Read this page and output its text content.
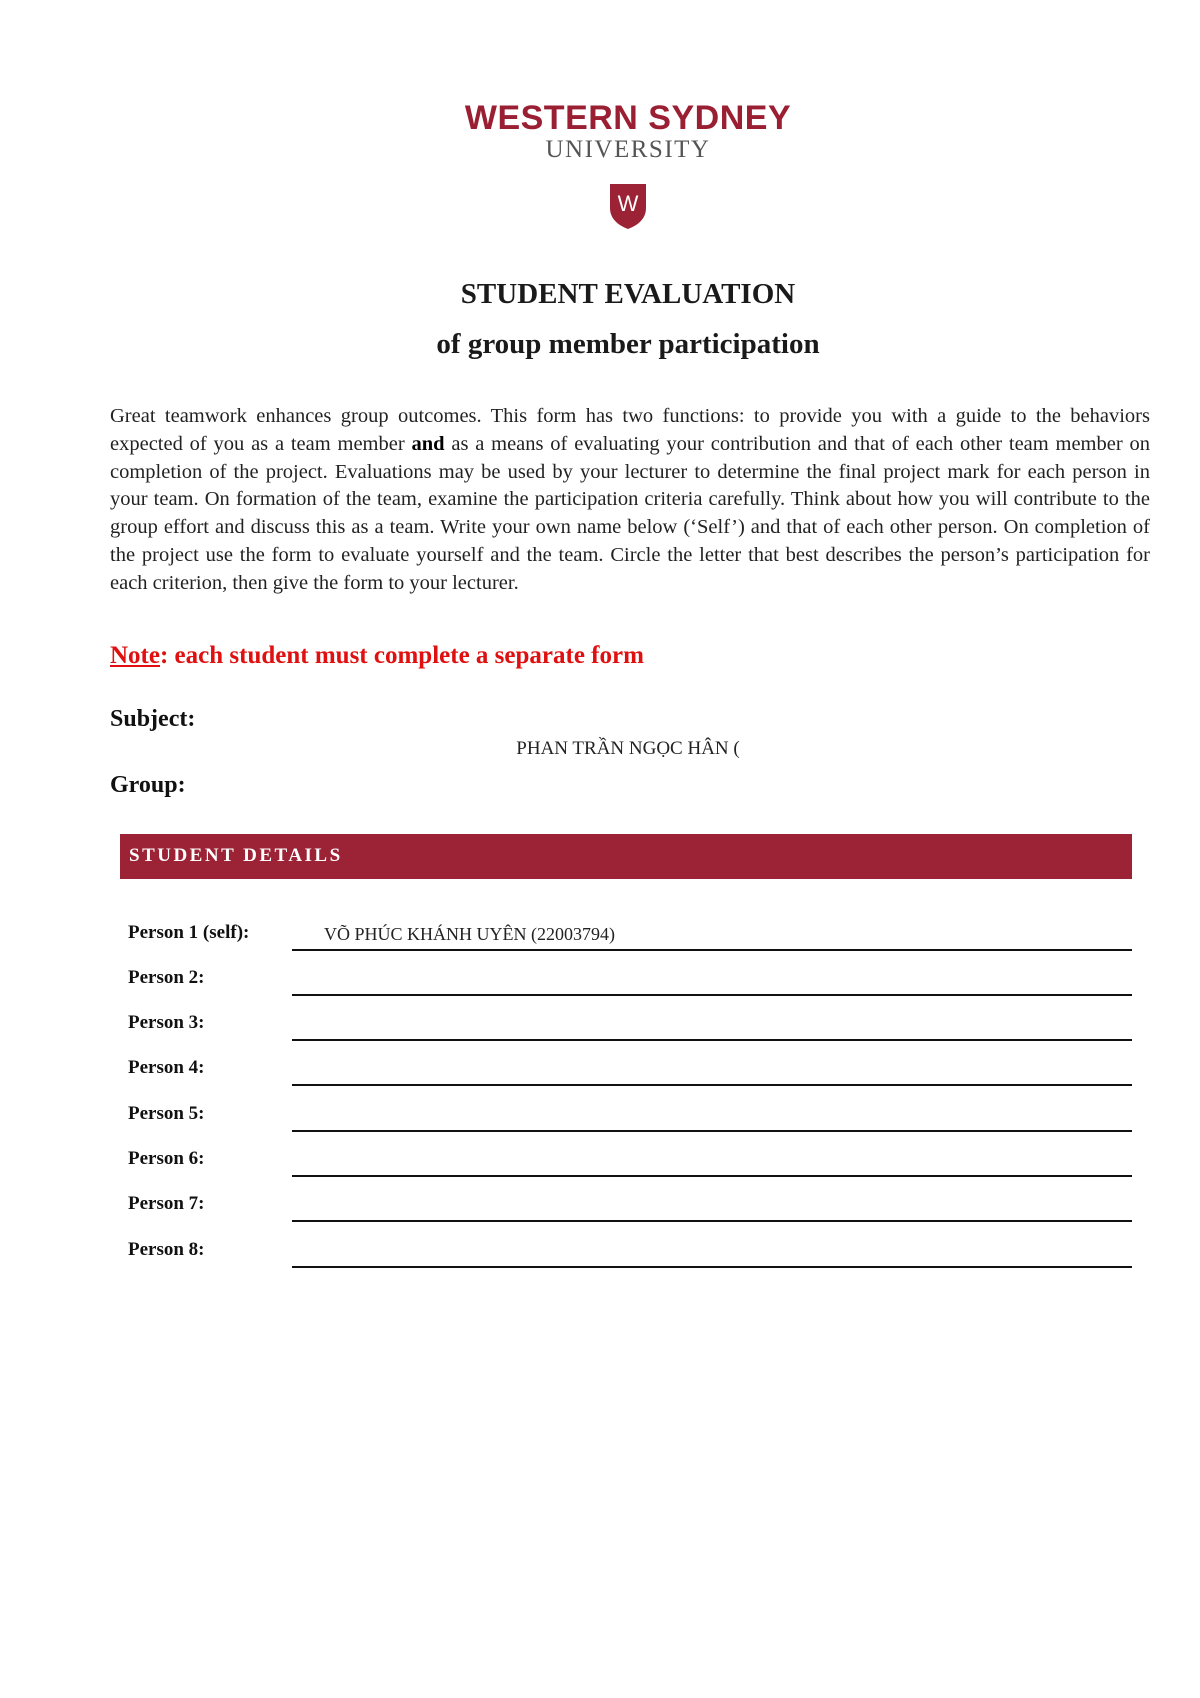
WESTERN SYDNEY
UNIVERSITY
W
STUDENT EVALUATION
of group member participation
Great teamwork enhances group outcomes. This form has two functions: to provide you with a guide to the behaviors expected of you as a team member and as a means of evaluating your contribution and that of each other team member on completion of the project. Evaluations may be used by your lecturer to determine the final project mark for each person in your team. On formation of the team, examine the participation criteria carefully. Think about how you will contribute to the group effort and discuss this as a team. Write your own name below (‘Self’) and that of each other person. On completion of the project use the form to evaluate yourself and the team. Circle the letter that best describes the person’s participation for each criterion, then give the form to your lecturer.
Note: each student must complete a separate form
Subject:
PHAN TRẦN NGỌC HÂN (
Group:
STUDENT DETAILS
Person 1 (self):	VÕ PHÚC KHÁNH UYÊN (22003794)
Person 2:
Person 3:
Person 4:
Person 5:
Person 6:
Person 7:
Person 8:
